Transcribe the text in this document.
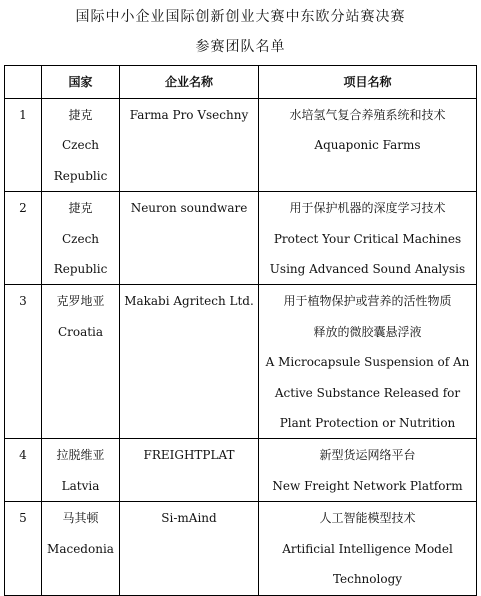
国际中小企业国际创新创业大赛中东欧分站赛决赛
参赛团队名单
	国家	企业名称	项目名称
1	捷克
Czech
Republic	Farma Pro Vsechny	水培氢气复合养殖系统和技术
Aquaponic Farms

2	捷克
Czech
Republic	Neuron soundware	用于保护机器的深度学习技术
Protect Your Critical Machines
Using Advanced Sound Analysis

3	克罗地亚
Croatia	Makabi Agritech Ltd.	用于植物保护或营养的活性物质
释放的微胶囊悬浮液
A Microcapsule Suspension of An
Active Substance Released for
Plant Protection or Nutrition

4	拉脱维亚
Latvia	FREIGHTPLAT	新型货运网络平台
New Freight Network Platform

5	马其顿
Macedonia	Si-mAind	人工智能模型技术
Artificial Intelligence Model
Technology
